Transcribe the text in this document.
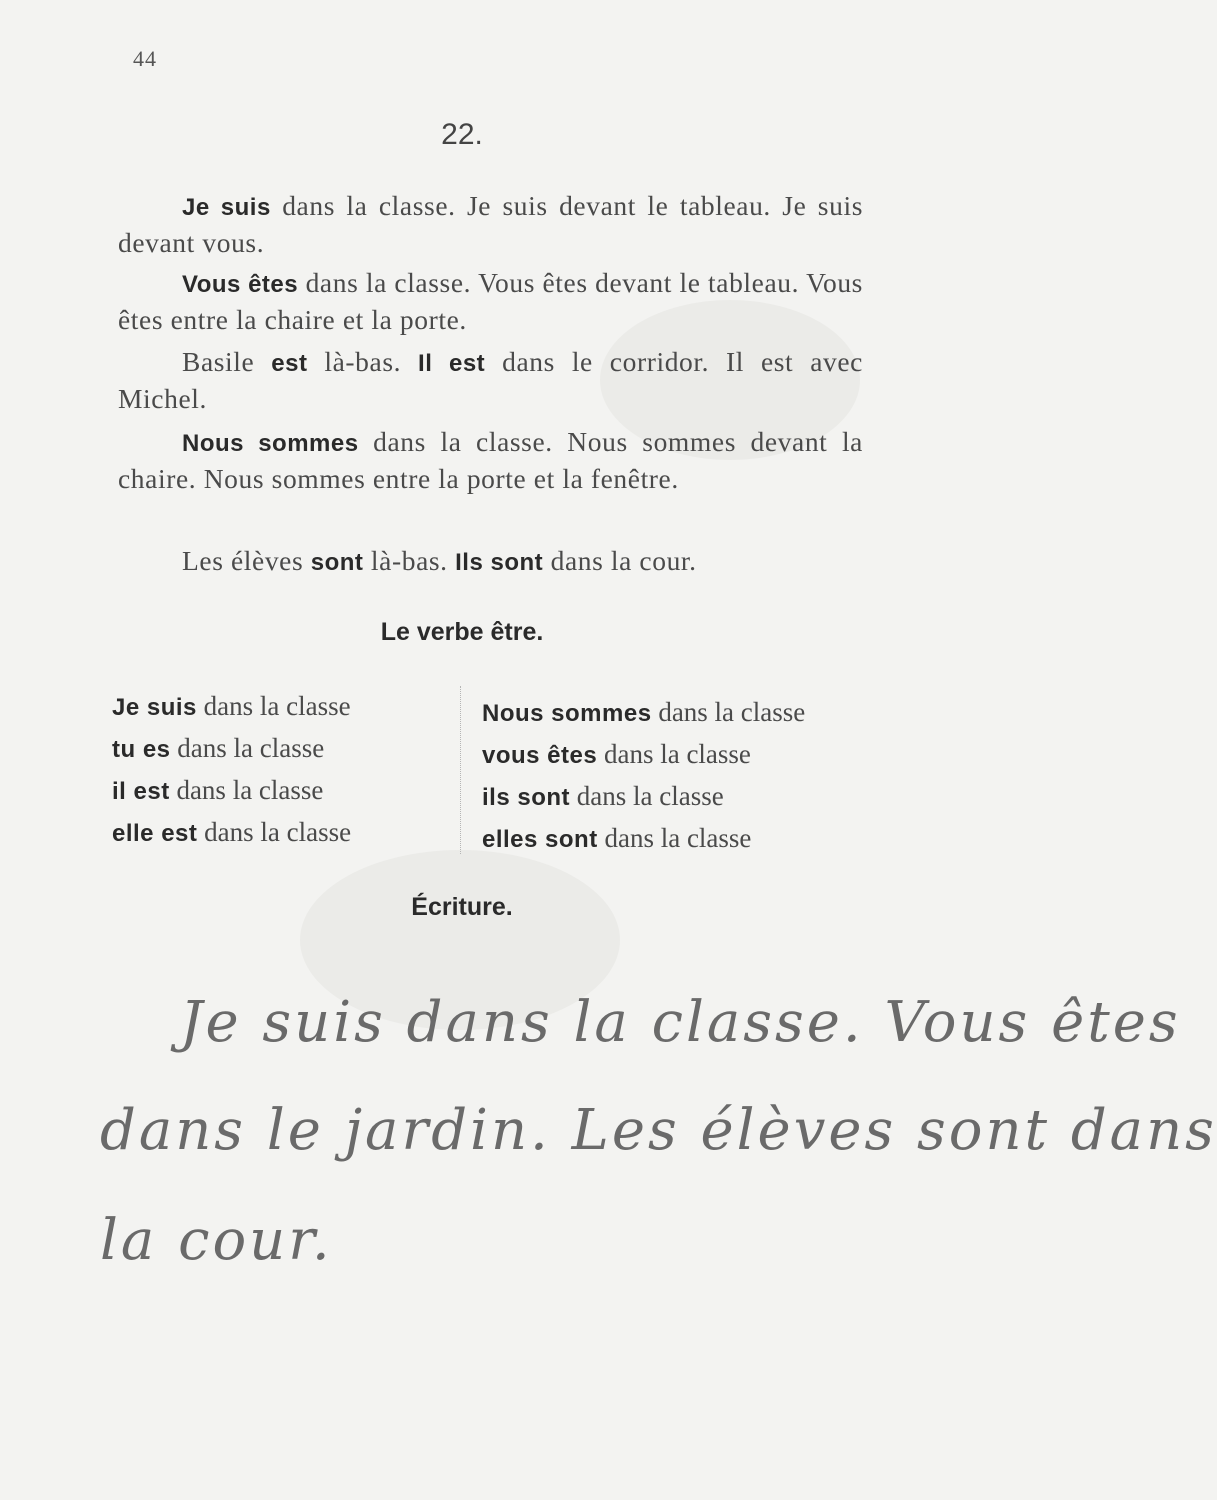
44
22.
Je suis dans la classe. Je suis devant le tableau. Je suis devant vous.
Vous êtes dans la classe. Vous êtes devant le tableau. Vous êtes entre la chaire et la porte.
Basile est là-bas. Il est dans le corridor. Il est avec Michel.
Nous sommes dans la classe. Nous sommes devant la chaire. Nous sommes entre la porte et la fenêtre.
Les élèves sont là-bas. Ils sont dans la cour.
Le verbe être.
Je suis dans la classe
tu es dans la classe
il est dans la classe
elle est dans la classe
Nous sommes dans la classe
vous êtes dans la classe
ils sont dans la classe
elles sont dans la classe
Écriture.
Je suis dans la classe. Vous êtes
dans le jardin. Les élèves sont dans
la cour.
